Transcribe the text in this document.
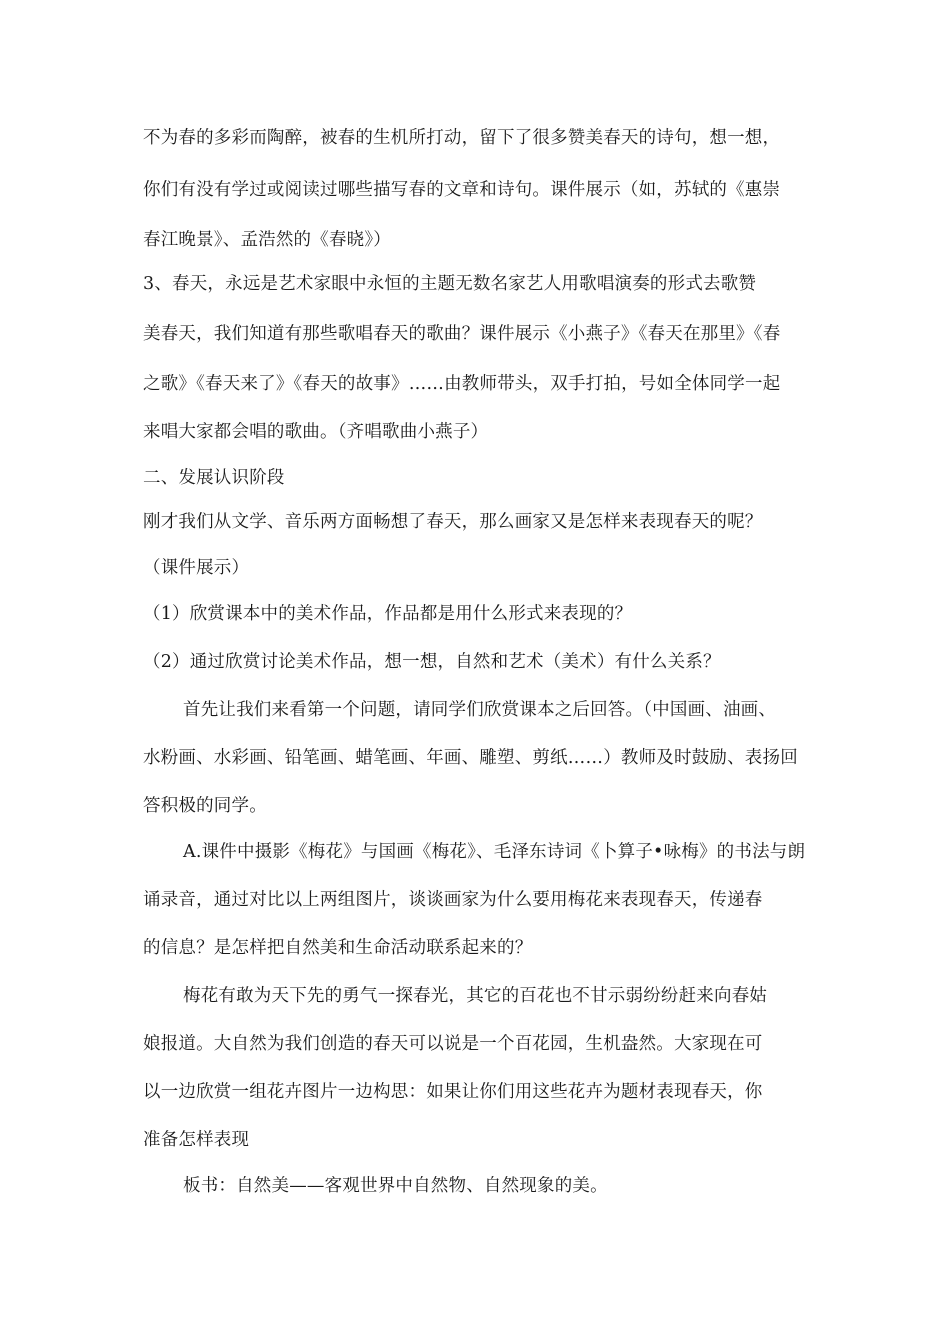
不为春的多彩而陶醉，被春的生机所打动，留下了很多赞美春天的诗句，想一想，
你们有没有学过或阅读过哪些描写春的文章和诗句。课件展示（如，苏轼的《惠崇
春江晚景》、孟浩然的《春晓》）
3、春天，永远是艺术家眼中永恒的主题无数名家艺人用歌唱演奏的形式去歌赞
美春天，我们知道有那些歌唱春天的歌曲？课件展示《小燕子》《春天在那里》《春
之歌》《春天来了》《春天的故事》……由教师带头，双手打拍，号如全体同学一起
来唱大家都会唱的歌曲。（齐唱歌曲小燕子）
二、发展认识阶段
刚才我们从文学、音乐两方面畅想了春天，那么画家又是怎样来表现春天的呢？
（课件展示）
（1）欣赏课本中的美术作品，作品都是用什么形式来表现的？
（2）通过欣赏讨论美术作品，想一想，自然和艺术（美术）有什么关系？
首先让我们来看第一个问题，请同学们欣赏课本之后回答。（中国画、油画、
水粉画、水彩画、铅笔画、蜡笔画、年画、雕塑、剪纸……）教师及时鼓励、表扬回
答积极的同学。
A.课件中摄影《梅花》与国画《梅花》、毛泽东诗词《卜算子•咏梅》的书法与朗
诵录音，通过对比以上两组图片，谈谈画家为什么要用梅花来表现春天，传递春
的信息？是怎样把自然美和生命活动联系起来的？
梅花有敢为天下先的勇气一探春光，其它的百花也不甘示弱纷纷赶来向春姑
娘报道。大自然为我们创造的春天可以说是一个百花园，生机盎然。大家现在可
以一边欣赏一组花卉图片一边构思：如果让你们用这些花卉为题材表现春天，你
准备怎样表现
板书：自然美——客观世界中自然物、自然现象的美。
